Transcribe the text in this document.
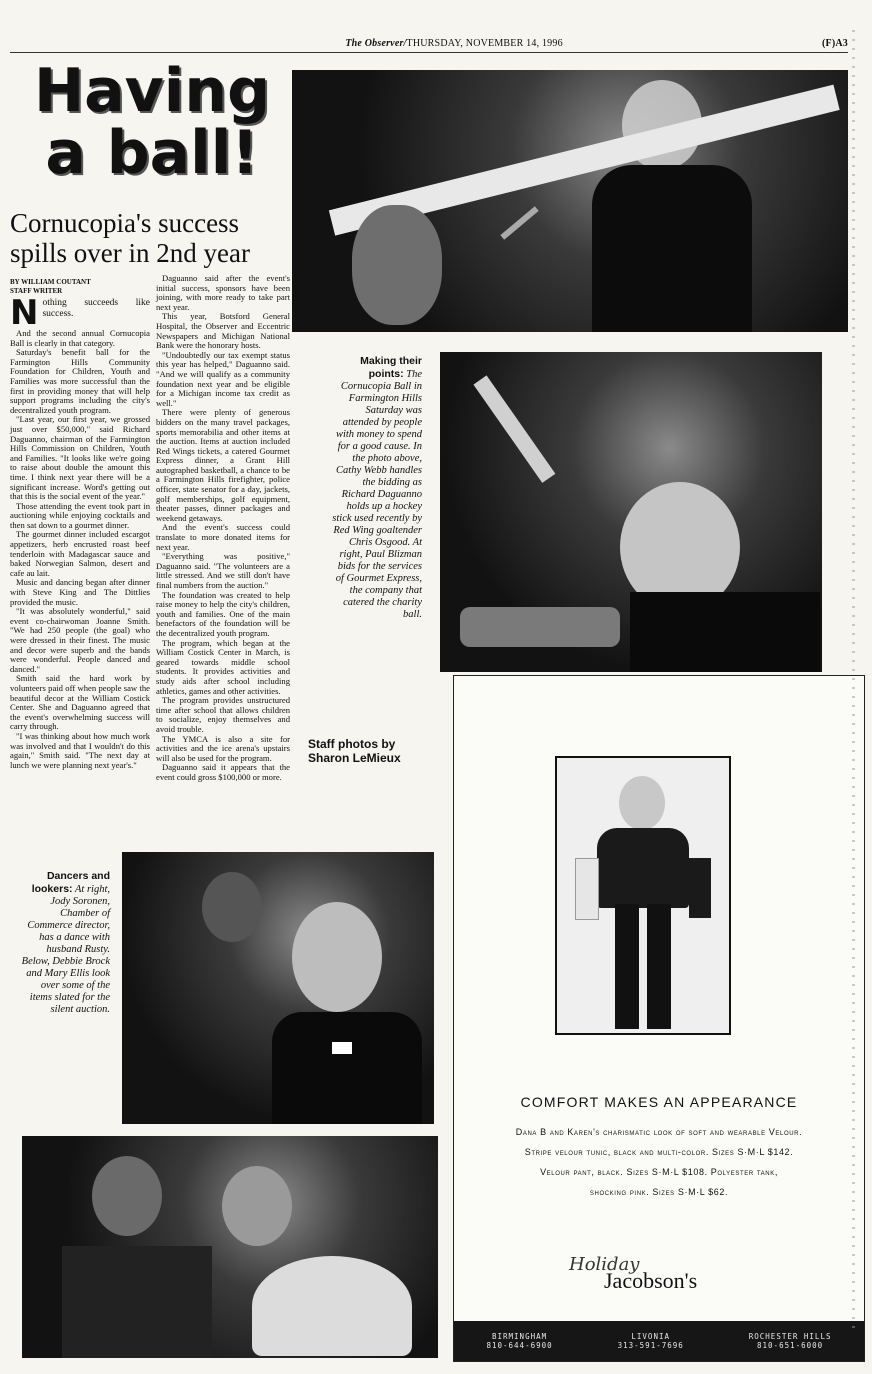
The Observer/THURSDAY, NOVEMBER 14, 1996	(F)A3
Having
a ball!
Cornucopia's success spills over in 2nd year
BY WILLIAM COUTANT
STAFF WRITER

Nothing succeeds like success.

And the second annual Cornucopia Ball is clearly in that category.

Saturday's benefit ball for the Farmington Hills Community Foundation for Children, Youth and Families was more successful than the first in providing money that will help support programs including the city's decentralized youth program.

"Last year, our first year, we grossed just over $50,000," said Richard Daguanno, chairman of the Farmington Hills Commission on Children, Youth and Families. "It looks like we're going to raise about double the amount this time. I think next year there will be a significant increase. Word's getting out that this is the social event of the year."

Those attending the event took part in auctioning while enjoying cocktails and then sat down to a gourmet dinner.

The gourmet dinner included escargot appetizers, herb encrusted roast beef tenderloin with Madagascar sauce and baked Norwegian Salmon, desert and cafe au lait.

Music and dancing began after dinner with Steve King and The Dittlies provided the music.

"It was absolutely wonderful," said event co-chairwoman Joanne Smith. "We had 250 people (the goal) who were dressed in their finest. The music and decor were superb and the bands were wonderful. People danced and danced."

Smith said the hard work by volunteers paid off when people saw the beautiful decor at the William Costick Center. She and Daguanno agreed that the event's overwhelming success will carry through.

"I was thinking about how much work was involved and that I wouldn't do this again," Smith said. "The next day at lunch we were planning next year's."

Daguanno said after the event's initial success, sponsors have been joining, with more ready to take part next year.

This year, Botsford General Hospital, the Observer and Eccentric Newspapers and Michigan National Bank were the honorary hosts.

"Undoubtedly our tax exempt status this year has helped," Daguanno said. "And we will qualify as a community foundation next year and be eligible for a Michigan income tax credit as well."

There were plenty of generous bidders on the many travel packages, sports memorabilia and other items at the auction. Items at auction included Red Wings tickets, a catered Gourmet Express dinner, a Grant Hill autographed basketball, a chance to be a Farmington Hills firefighter, police officer, state senator for a day, jackets, golf memberships, golf equipment, theater passes, dinner packages and weekend getaways.

And the event's success could translate to more donated items for next year.

"Everything was positive," Daguanno said. "The volunteers are a little stressed. And we still don't have final numbers from the auction."

The foundation was created to help raise money to help the city's children, youth and families. One of the main benefactors of the foundation will be the decentralized youth program.

The program, which began at the William Costick Center in March, is geared towards middle school students. It provides activities and study aids after school including athletics, games and other activities.

The program provides unstructured time after school that allows children to socialize, enjoy themselves and avoid trouble.

The YMCA is also a site for activities and the ice arena's upstairs will also be used for the program.

Daguanno said it appears that the event could gross $100,000 or more.

Making their points: The Cornucopia Ball in Farmington Hills Saturday was attended by people with money to spend for a good cause. In the photo above, Cathy Webb handles the bidding as Richard Daguanno holds up a hockey stick used recently by Red Wing goaltender Chris Osgood. At right, Paul Blizman bids for the services of Gourmet Express, the company that catered the charity ball.
Staff photos by
Sharon LeMieux
Dancers and lookers: At right, Jody Soronen, Chamber of Commerce director, has a dance with husband Rusty. Below, Debbie Brock and Mary Ellis look over some of the items slated for the silent auction.
COMFORT MAKES AN APPEARANCE
Dana B and Karen's charismatic look of soft and wearable Velour.
Stripe velour tunic, black and multi-color. Sizes S·M·L $142.
Velour pant, black. Sizes S·M·L $108. Polyester tank,
shocking pink. Sizes S·M·L $62.
Holiday
Jacobson's
BIRMINGHAM
810-644-6900
LIVONIA
313-591-7696
ROCHESTER HILLS
810-651-6000
